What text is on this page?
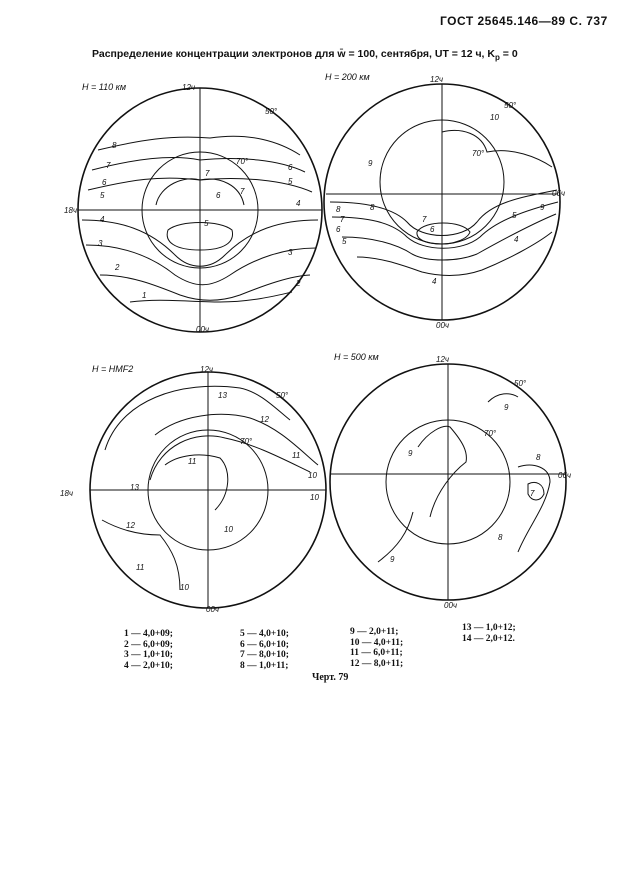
ГОСТ 25645.146—89 С. 737
Распределение концентрации электронов для w̄ = 100, сентября, UT = 12 ч, $K_p = 0$
H = 110 км	12ч
00ч
18ч
50°
70°
8
7
6
5
4
3
2
1
7
6 7
5
2
3
4
5
6
H = 200 км	12ч
00ч
06ч
50°
70°
10
9
8
7
6
5
8
7
6
5
4
9
4
H = HMF2	12ч
00ч
18ч
50°
70°
13
12
11
10
11
10
10
13
12
11
10
H = 500 км	12ч
00ч
06ч
50°
70°
9
9	8
7
9
8
1 — 4,0+09;
2 — 6,0+09;
3 — 1,0+10;
4 — 2,0+10;
5 — 4,0+10;
6 — 6,0+10;
7 — 8,0+10;
8 — 1,0+11;
9 — 2,0+11;
10 — 4,0+11;
11 — 6,0+11;
12 — 8,0+11;
13 — 1,0+12;
14 — 2,0+12.
Черт. 79
